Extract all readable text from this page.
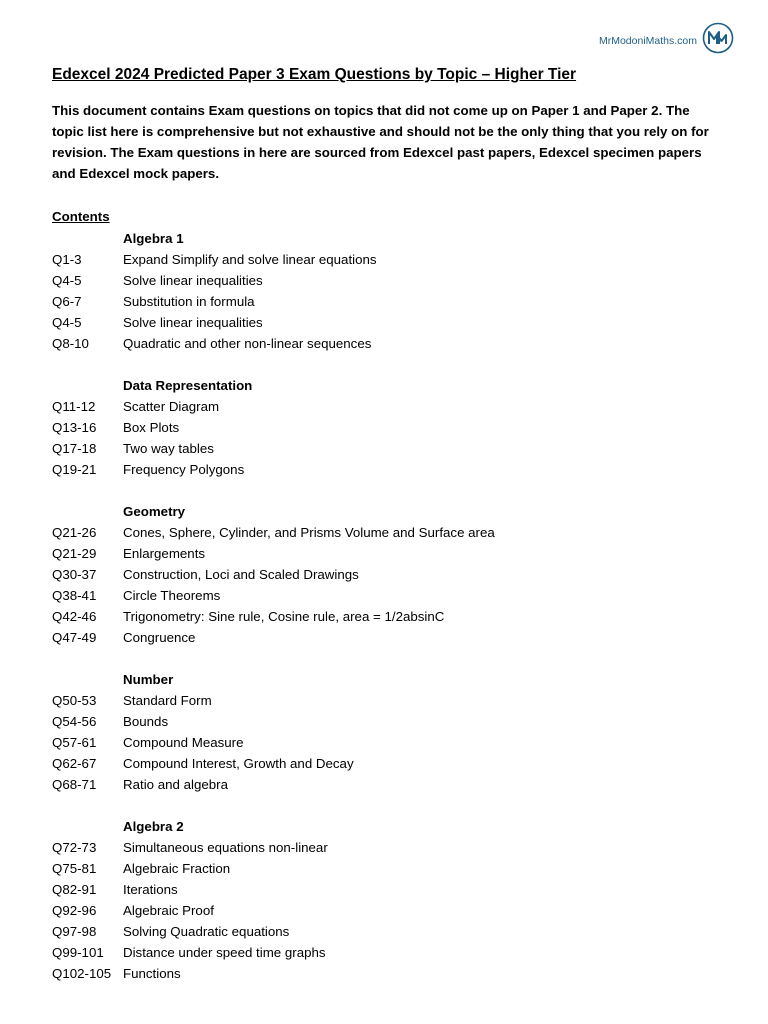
MrModoniMaths.com
Edexcel 2024 Predicted Paper 3 Exam Questions by Topic – Higher Tier

This document contains Exam questions on topics that did not come up on Paper 1 and Paper 2. The topic list here is comprehensive but not exhaustive and should not be the only thing that you rely on for revision. The Exam questions in here are sourced from Edexcel past papers, Edexcel specimen papers and Edexcel mock papers.

Contents
Algebra 1
Q1-3	Expand Simplify and solve linear equations
Q4-5	Solve linear inequalities
Q6-7	Substitution in formula
Q4-5	Solve linear inequalities
Q8-10	Quadratic and other non-linear sequences
Data Representation
Q11-12	Scatter Diagram
Q13-16	Box Plots
Q17-18	Two way tables
Q19-21	Frequency Polygons
Geometry
Q21-26	Cones, Sphere, Cylinder, and Prisms Volume and Surface area
Q21-29	Enlargements
Q30-37	Construction, Loci and Scaled Drawings
Q38-41	Circle Theorems
Q42-46	Trigonometry: Sine rule, Cosine rule, area = 1/2absinC
Q47-49	Congruence
Number
Q50-53	Standard Form
Q54-56	Bounds
Q57-61	Compound Measure
Q62-67	Compound Interest, Growth and Decay
Q68-71	Ratio and algebra
Algebra 2
Q72-73	Simultaneous equations non-linear
Q75-81	Algebraic Fraction
Q82-91	Iterations
Q92-96	Algebraic Proof
Q97-98	Solving Quadratic equations
Q99-101	Distance under speed time graphs
Q102-105 Functions
